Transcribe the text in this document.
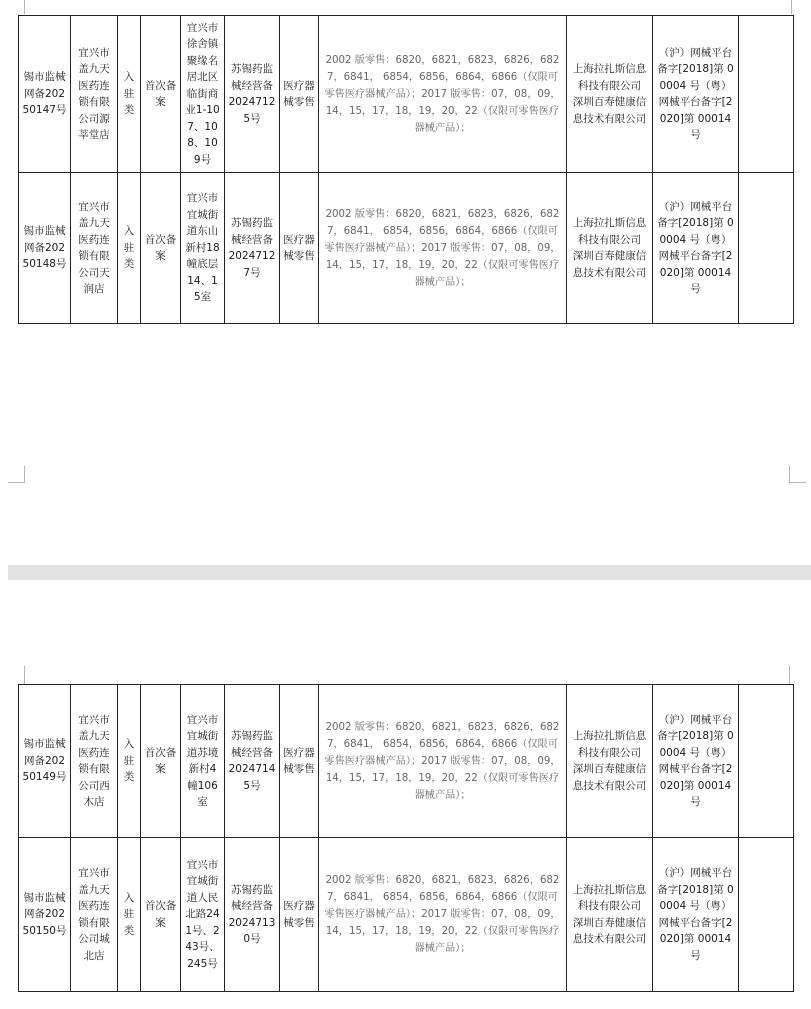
锡市监械网备20250147号	宜兴市盖九天医药连锁有限公司源莘堂店	入驻类	首次备案	宜兴市徐舍镇聚缘名居北区临街商业1-107、108、109号	苏锡药监械经营备20247125号	医疗器械零售	2002 版零售：6820，6821，6823，6826，6827，6841， 6854，6856，6864，6866（仅限可零售医疗器械产品）；2017 版零售：07，08，09，14，15，17，18，19，20，22（仅限可零售医疗器械产品）；	上海拉扎斯信息科技有限公司　　深圳百寿健康信息技术有限公司	（沪）网械平台备字[2018]第 00004 号（粤）网械平台备字[2020]第 00014 号	
锡市监械网备20250148号	宜兴市盖九天医药连锁有限公司天润店	入驻类	首次备案	宜兴市宜城街道东山新村18幢底层14、15室	苏锡药监械经营备20247127号	医疗器械零售	2002 版零售：6820，6821，6823，6826，6827，6841， 6854，6856，6864，6866（仅限可零售医疗器械产品）；2017 版零售：07，08，09，14，15，17，18，19，20，22（仅限可零售医疗器械产品）；	上海拉扎斯信息科技有限公司　　深圳百寿健康信息技术有限公司	（沪）网械平台备字[2018]第 00004 号（粤）网械平台备字[2020]第 00014 号	
锡市监械网备20250149号	宜兴市盖九天医药连锁有限公司西木店	入驻类	首次备案	宜兴市宜城街道苏境新村4幢106室	苏锡药监械经营备20247145号	医疗器械零售	2002 版零售：6820，6821，6823，6826，6827，6841， 6854，6856，6864，6866（仅限可零售医疗器械产品）；2017 版零售：07，08，09，14，15，17，18，19，20，22（仅限可零售医疗器械产品）；	上海拉扎斯信息科技有限公司　　深圳百寿健康信息技术有限公司	（沪）网械平台备字[2018]第 00004 号（粤）网械平台备字[2020]第 00014 号	
锡市监械网备20250150号	宜兴市盖九天医药连锁有限公司城北店	入驻类	首次备案	宜兴市宜城街道人民北路241号、243号、245号	苏锡药监械经营备20247130号	医疗器械零售	2002 版零售：6820，6821，6823，6826，6827，6841， 6854，6856，6864，6866（仅限可零售医疗器械产品）；2017 版零售：07，08，09，14，15，17，18，19，20，22（仅限可零售医疗器械产品）；	上海拉扎斯信息科技有限公司　　深圳百寿健康信息技术有限公司	（沪）网械平台备字[2018]第 00004 号（粤）网械平台备字[2020]第 00014 号	
